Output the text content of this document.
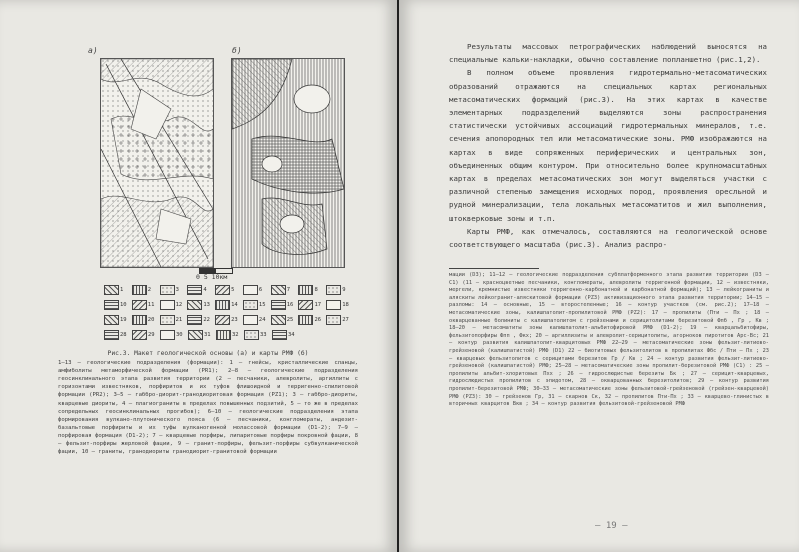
а)	б)
0 5 10км
1	2	3	4	5	6	7	8	9
10	11	12	13	14	15	16	17	18
19	20	21	22	23	24	25	26	27
28	29	30	31	32	33	34
Рис.3. Макет геологической основы (а) и карты РМФ (б)
1–13 – геологические подразделения (формации): 1 – гнейсы, кристаллические сланцы, амфиболиты метаморфической формации (PR1); 2–8 – геологические подразделения геосинклинального этапа развития территории (2 – песчаники, алевролиты, аргиллиты с горизонтами известняков, порфиритов и их туфов флишоидной и терригенно-спилитовой формации (PR2); 3–5 – габбро-диорит-гранодиоритовая формация (PZ1); 3 – габбро-диориты, кварцевые диориты, 4 – плагиограниты в пределах повышенных подзитий, 5 – то же в пределах сопредельных геосинклинальных прогибов); 6–10 – геологические подразделения этапа формирования вулкано-плутонического пояса (6 – песчаники, конгломераты, андезит-базальтовые порфириты и их туфы вулканогенной молассовой формации (D1-2); 7–9 – порфировая формация (D1-2); 7 – кварцевые порфиры, липаритовые порфиры покровной фации, 8 – фельзит-порфиры жерловой фации, 9 – гранит-порфиры, фельзит-порфиры субвулканической фации, 10 – граниты, гранодиориты гранодиорит-гранитовой формации

Результаты массовых петрографических наблюдений выносятся на специальные кальки-накладки, обычно составление попланшетно (рис.1,2).

В полном объеме проявления гидротермально-метасоматических образований отражаются на специальных картах региональных метасоматических формаций (рис.3). На этих картах в качестве элементарных подразделений выделяются зоны распространения статистически устойчивых ассоциаций гидротермальных минералов, т.е. сечения апопородных тел или метасоматические зоны. РМФ изображаются на картах в виде сопряженных периферических и центральных зон, объединенных общим контуром. При относительно более крупномасштабных картах в пределах метасоматических зон могут выделяться участки с различной степенью замещения исходных пород, проявления оресльной и рудной минерализации, тела локальных метасоматитов и жил выполнения, штокверковые зоны и т.п.

Карты РМФ, как отмечалось, составляются на геологической основе соответствующего масштаба (рис.3). Анализ распро-

мации (D3); 11–12 – геологические подразделения субплатформенного этапа развития территории (D3 – C1) (11 – красноцветные песчаники, конгломераты, алевролиты терригенной формации, 12 – известняки, мергели, кремнистые известняки терригенно-карбонатной и карбонатной формаций); 13 – лейкограниты и аляскиты лейкогранит-аляскитовой формации (PZ3) активизационного этапа развития территории; 14–15 – разломы: 14 – основные, 15 – второстепенные; 16 – контур участков (см. рис.2); 17–18 – метасоматические зоны, калишпатолит-пропилитовой РМФ (PZ2): 17 – пропилиты (Пти – Пх ; 18 – окварцеванные болиниты с калишпатолитом с грейзенами и серицитолитами березитовой Фпб , Гр , Кв ; 18–20 – метасоматиты зоны калишпатолит-альбитофировой РМФ (D1-2); 19 – кварцальбитофиры, фельзитопорфиры Фпп , Фкх; 20 – аргиллизиты и алевролит-серицитолиты, агорноков пиротитов Арс-Вс; 21 – контур развития калишпатолит-кварцитовых РМФ 22–29 – метасоматические зоны фельзит-литиево-грейзеновой (калишпатистой) РМФ (D1) 22 – биотитовых фельзитолитов в пропилитах Фбс / Пти – Пх ; 23 – кварцевых фельзитолитов с серицитами березитов Гр / Кв ; 24 – контур развития фельзит-литиево-грейзеновой (калишпатистой) РМФ; 25–28 – метасоматические зоны пропилит-березитовой РМФ (C1) : 25 – пропилиты альбит-хлоритовых Пхх ; 26 – гидрослюдистые березиты Бк ; 27 – серицит-кварцевых, гидрослюдистых пропилитов с эпидотом, 28 – окварцованных березитолитов; 29 – контур развития пропилит-березитовой РМФ; 30–33 – метасоматические зоны фельзитовой-грейзеновой (грейзен-кварцевой) РМФ (PZ3): 30 – грейзенов Гр, 31 – скарнов Ск, 32 – пропилитов Пти-Пх ; 33 – кварцево-глинистых в вторичных кварцитов Вкв ; 34 – контур развития фельзитовой-грейзеновой РМФ
– 19 –
